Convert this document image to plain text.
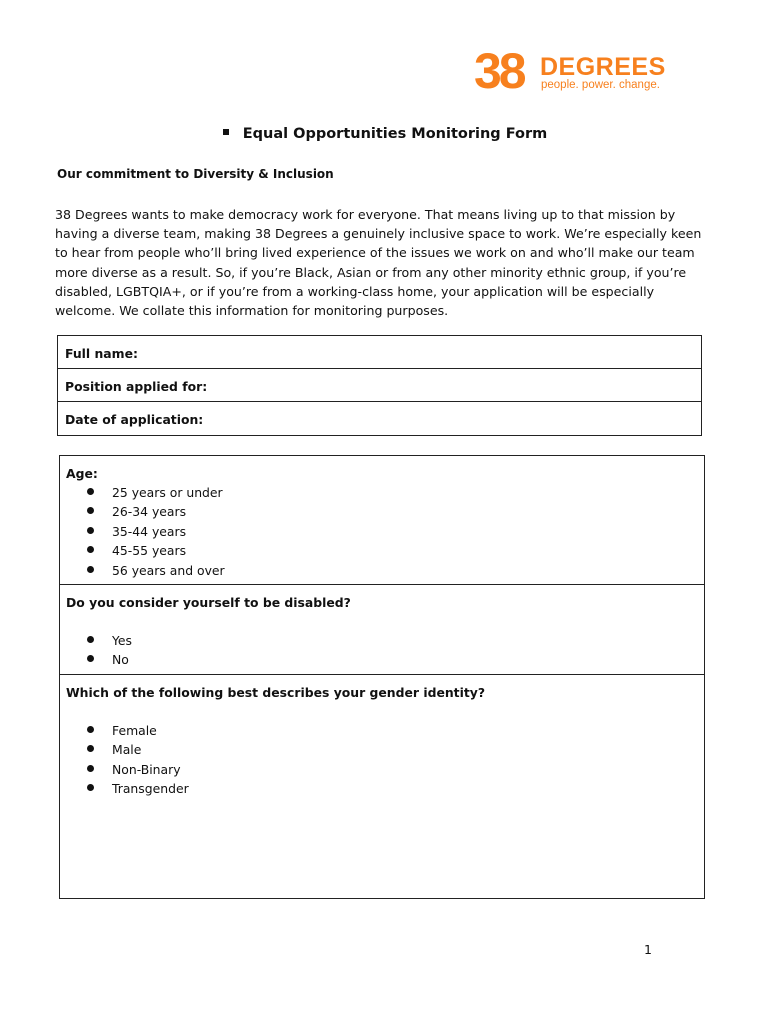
38 DEGREES
people. power. change.
Equal Opportunities Monitoring Form
Our commitment to Diversity & Inclusion
38 Degrees wants to make democracy work for everyone. That means living up to that mission by
having a diverse team, making 38 Degrees a genuinely inclusive space to work. We’re especially keen
to hear from people who’ll bring lived experience of the issues we work on and who’ll make our team
more diverse as a result. So, if you’re Black, Asian or from any other minority ethnic group, if you’re
disabled, LGBTQIA+, or if you’re from a working-class home, your application will be especially
welcome. We collate this information for monitoring purposes.
Full name:
Position applied for:
Date of application:
Age:
25 years or under
26-34 years
35-44 years
45-55 years
56 years and over
Do you consider yourself to be disabled?
Yes
No
Which of the following best describes your gender identity?
Female
Male
Non-Binary
Transgender
1
